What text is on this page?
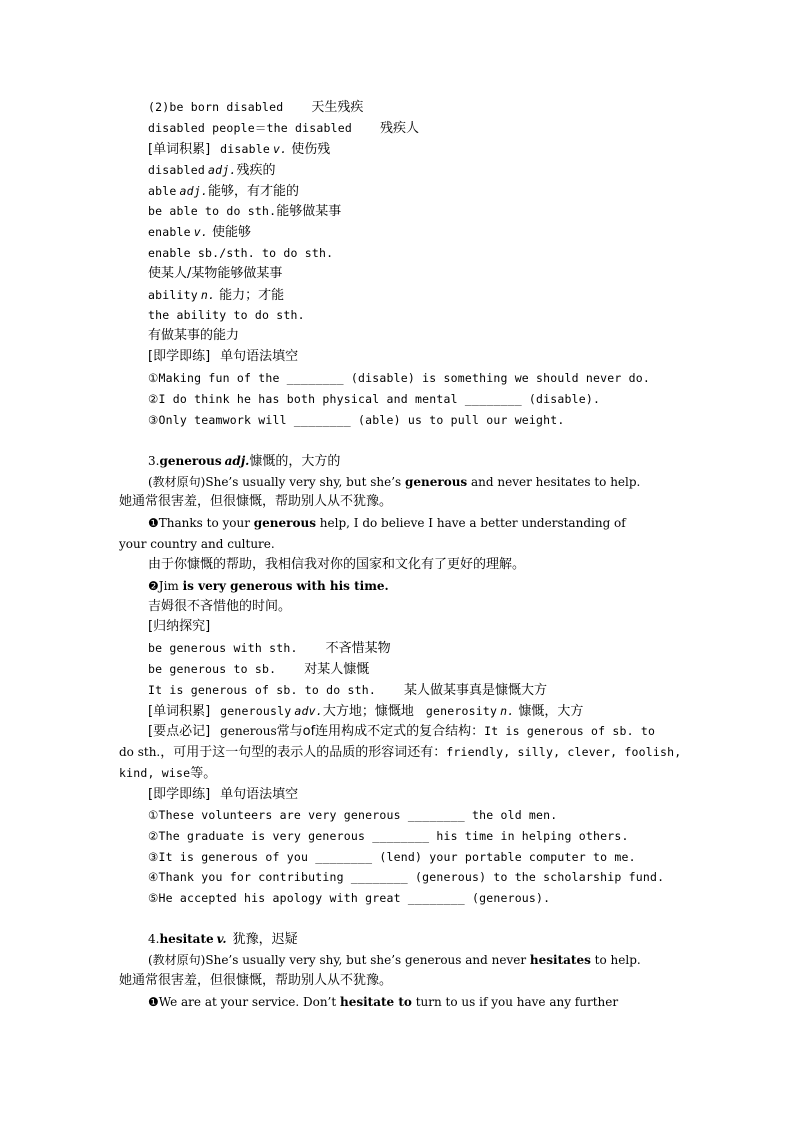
(2)be born disabled 天生残疾
disabled people＝the disabled 残疾人
[单词积累] disable v. 使伤残
disabled adj.残疾的
able adj.能够，有才能的
be able to do sth.能够做某事
enable v. 使能够
enable sb./sth. to do sth.
使某人/某物能够做某事
ability n. 能力；才能
the ability to do sth.
有做某事的能力
[即学即练] 单句语法填空
①Making fun of the ________ (disable) is something we should never do.
②I do think he has both physical and mental ________ (disable).
③Only teamwork will ________ (able) us to pull our weight.
3.generous adj.慷慨的，大方的
(教材原句)She’s usually very shy, but she’s generous and never hesitates to help.
她通常很害羞，但很慷慨，帮助别人从不犹豫。
❶Thanks to your generous help, I do believe I have a better understanding of
your country and culture.
由于你慷慨的帮助，我相信我对你的国家和文化有了更好的理解。
❷Jim is very generous with his time.
吉姆很不吝惜他的时间。
[归纳探究]
be generous with sth. 不吝惜某物
be generous to sb. 对某人慷慨
It is generous of sb. to do sth. 某人做某事真是慷慨大方
[单词积累] generously adv.大方地；慷慨地 generosity n. 慷慨，大方
[要点必记] generous常与of连用构成不定式的复合结构：It is generous of sb. to
do sth.，可用于这一句型的表示人的品质的形容词还有：friendly, silly, clever, foolish,
kind, wise等。
[即学即练] 单句语法填空
①These volunteers are very generous ________ the old men.
②The graduate is very generous ________ his time in helping others.
③It is generous of you ________ (lend) your portable computer to me.
④Thank you for contributing ________ (generous) to the scholarship fund.
⑤He accepted his apology with great ________ (generous).
4.hesitate v. 犹豫，迟疑
(教材原句)She’s usually very shy, but she’s generous and never hesitates to help.
她通常很害羞，但很慷慨，帮助别人从不犹豫。
❶We are at your service. Don’t hesitate to turn to us if you have any further
